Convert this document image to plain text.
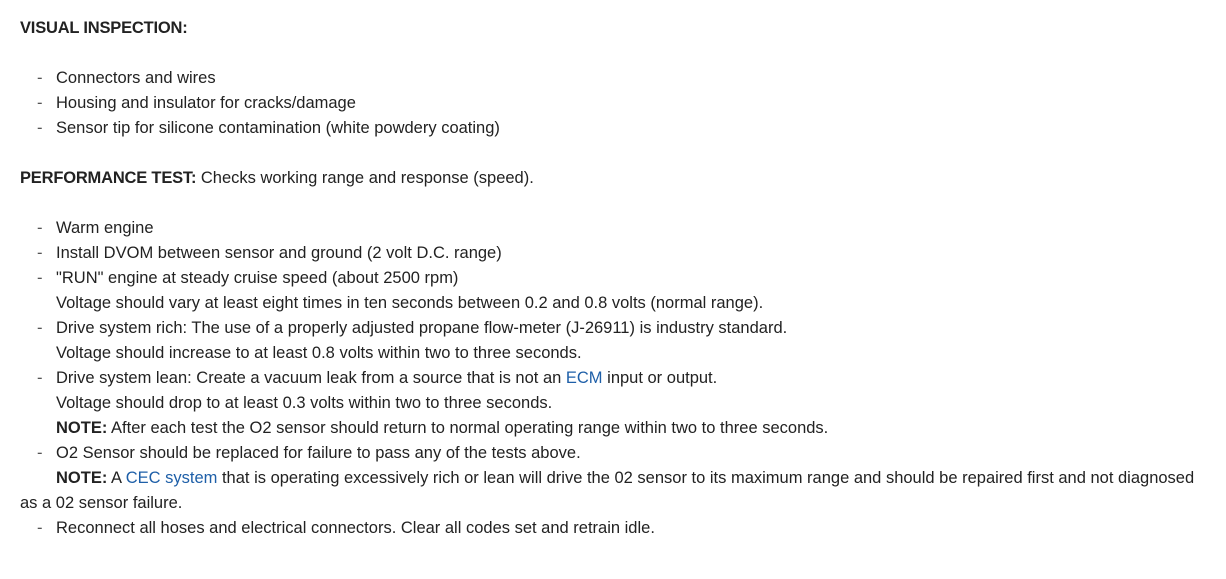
VISUAL INSPECTION:
- Connectors and wires
- Housing and insulator for cracks/damage
- Sensor tip for silicone contamination (white powdery coating)
PERFORMANCE TEST: Checks working range and response (speed).
- Warm engine
- Install DVOM between sensor and ground (2 volt D.C. range)
- "RUN" engine at steady cruise speed (about 2500 rpm)
Voltage should vary at least eight times in ten seconds between 0.2 and 0.8 volts (normal range).
- Drive system rich: The use of a properly adjusted propane flow-meter (J-26911) is industry standard.
Voltage should increase to at least 0.8 volts within two to three seconds.
- Drive system lean: Create a vacuum leak from a source that is not an ECM input or output.
Voltage should drop to at least 0.3 volts within two to three seconds.
NOTE: After each test the O2 sensor should return to normal operating range within two to three seconds.
- O2 Sensor should be replaced for failure to pass any of the tests above.
NOTE: A CEC system that is operating excessively rich or lean will drive the 02 sensor to its maximum range and should be repaired first and not diagnosed as a 02 sensor failure.
- Reconnect all hoses and electrical connectors. Clear all codes set and retrain idle.
